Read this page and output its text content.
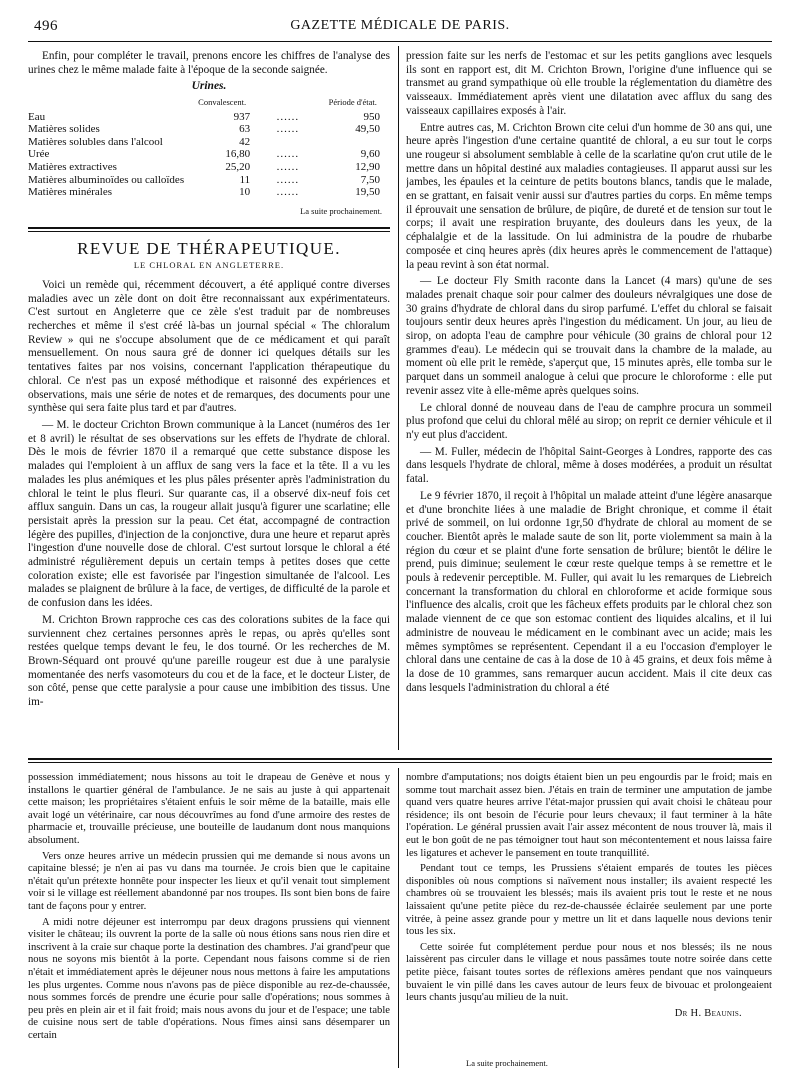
496	GAZETTE MÉDICALE DE PARIS.

Enfin, pour compléter le travail, prenons encore les chiffres de l'analyse des urines chez le même malade faite à l'époque de la seconde saignée.

Urines.
	Convalescent.		Période d'état.
Eau	937	......	950
Matières solides	63	......	49,50
Matières solubles dans l'alcool	42		
Urée	16,80	......	9,60
Matières extractives	25,20	......	12,90
Matières albuminoïdes ou calloïdes	11	......	7,50
Matières minérales	10	......	19,50
La suite prochainement.
REVUE DE THÉRAPEUTIQUE.
LE CHLORAL EN ANGLETERRE.

Voici un remède qui, récemment découvert, a été appliqué contre diverses maladies avec un zèle dont on doit être reconnaissant aux expérimentateurs. C'est surtout en Angleterre que ce zèle s'est traduit par de nombreuses recherches et même il s'est créé là-bas un journal spécial « The chloralum Review » qui ne s'occupe absolument que de ce médicament et qui paraît mensuellement. On nous saura gré de donner ici quelques détails sur les tentatives faites par nos voisins, concernant l'application thérapeutique du chloral. Ce n'est pas un exposé méthodique et raisonné des expériences et observations, mais une série de notes et de remarques, des documents pour une synthèse qui sera faite plus tard et par d'autres.

— M. le docteur Crichton Brown communique à la Lancet (numéros des 1er et 8 avril) le résultat de ses observations sur les effets de l'hydrate de chloral. Dès le mois de février 1870 il a remarqué que cette substance dispose les malades qui l'emploient à un afflux de sang vers la face et la tête. Il a vu les malades les plus anémiques et les plus pâles présenter après l'administration du chloral le teint le plus fleuri. Sur quarante cas, il a observé dix-neuf fois cet afflux sanguin. Dans un cas, la rougeur allait jusqu'à figurer une scarlatine; elle persistait après la pression sur la peau. Cet état, accompagné de contraction légère des pupilles, d'injection de la conjonctive, dura une heure et reparut après l'ingestion d'une nouvelle dose de chloral. C'est surtout lorsque le chloral a été administré régulièrement depuis un certain temps à petites doses que cette coloration existe; elle est favorisée par l'ingestion simultanée de l'alcool. Les malades se plaignent de brûlure à la face, de vertiges, de difficulté de la parole et de confusion dans les idées.

M. Crichton Brown rapproche ces cas des colorations subites de la face qui surviennent chez certaines personnes après le repas, ou après qu'elles sont restées quelque temps devant le feu, le dos tourné. Or les recherches de M. Brown-Séquard ont prouvé qu'une pareille rougeur est due à une paralysie momentanée des nerfs vasomoteurs du cou et de la face, et le docteur Lister, de son côté, pense que cette paralysie a pour cause une imbibition des tissus. Une im-

pression faite sur les nerfs de l'estomac et sur les petits ganglions avec lesquels ils sont en rapport est, dit M. Crichton Brown, l'origine d'une influence qui se transmet au grand sympathique où elle trouble la réglementation du diamètre des vaisseaux. Immédiatement après vient une dilatation avec afflux du sang des vaisseaux capillaires exposés à l'air.

Entre autres cas, M. Crichton Brown cite celui d'un homme de 30 ans qui, une heure après l'ingestion d'une certaine quantité de chloral, a eu sur tout le corps une rougeur si absolument semblable à celle de la scarlatine qu'on crut utile de le mettre dans un hôpital destiné aux maladies contagieuses. Il apparut aussi sur les jambes, les épaules et la ceinture de petits boutons blancs, tandis que le malade, en se grattant, en faisait venir aussi sur d'autres parties du corps. En même temps il éprouvait une sensation de brûlure, de piqûre, de dureté et de tension sur tout le corps; il avait une respiration bruyante, des douleurs dans les yeux, de la céphalalgie et de la lassitude. On lui administra de la poudre de rhubarbe composée et cinq heures après (dix heures après le commencement de l'attaque) la peau revint à son état normal.

— Le docteur Fly Smith raconte dans la Lancet (4 mars) qu'une de ses malades prenait chaque soir pour calmer des douleurs névralgiques une dose de 30 grains d'hydrate de chloral dans du sirop parfumé. L'effet du chloral se faisait toujours sentir deux heures après l'ingestion du médicament. Un jour, au lieu de sirop, on adopta l'eau de camphre pour véhicule (30 grains de chloral pour 12 grammes d'eau). Le médecin qui se trouvait dans la chambre de la malade, au moment où elle prit le remède, s'aperçut que, 15 minutes après, elle tomba sur le parquet dans un sommeil analogue à celui que procure le chloroforme : elle put revenir assez vite à elle-même après quelques soins.

Le chloral donné de nouveau dans de l'eau de camphre procura un sommeil plus profond que celui du chloral mêlé au sirop; on reprit ce dernier véhicule et il n'y eut plus d'accident.

— M. Fuller, médecin de l'hôpital Saint-Georges à Londres, rapporte des cas dans lesquels l'hydrate de chloral, même à doses modérées, a produit un résultat fatal.

Le 9 février 1870, il reçoit à l'hôpital un malade atteint d'une légère anasarque et d'une bronchite liées à une maladie de Bright chronique, et comme il était privé de sommeil, on lui ordonne 1gr,50 d'hydrate de chloral au moment de se coucher. Bientôt après le malade saute de son lit, porte violemment sa main à la région du cœur et se plaint d'une forte sensation de brûlure; bientôt le délire le prend, puis diminue; seulement le cœur reste quelque temps à se remettre et le pouls à redevenir perceptible. M. Fuller, qui avait lu les remarques de Liebreich concernant la transformation du chloral en chloroforme et acide formique sous l'influence des alcalis, croit que les fâcheux effets produits par le chloral chez son malade viennent de ce que son estomac contient des liquides alcalins, et il lui administre de nouveau le médicament en le combinant avec un acide; mais les mêmes symptômes se représentent. Cependant il a eu l'occasion d'employer le chloral dans une centaine de cas à la dose de 10 à 45 grains, et deux fois même à la dose de 10 grammes, sans remarquer aucun accident. Mais il cite deux cas dans lesquels l'administration du chloral a été

possession immédiatement; nous hissons au toit le drapeau de Genève et nous y installons le quartier général de l'ambulance. Je ne sais au juste à qui appartenait cette maison; les propriétaires s'étaient enfuis le soir même de la bataille, mais elle avait logé un vétérinaire, car nous découvrîmes au fond d'une armoire des restes de pharmacie et, trouvaille précieuse, une bouteille de laudanum dont nous manquions absolument.

Vers onze heures arrive un médecin prussien qui me demande si nous avons un capitaine blessé; je n'en ai pas vu dans ma tournée. Je crois bien que le capitaine n'était qu'un prétexte honnête pour inspecter les lieux et qu'il venait tout simplement voir si le village est réellement abandonné par nos troupes. Ils sont bien bons de faire tant de façons pour y entrer.

A midi notre déjeuner est interrompu par deux dragons prussiens qui viennent visiter le château; ils ouvrent la porte de la salle où nous étions sans nous rien dire et inscrivent à la craie sur chaque porte la destination des chambres. J'ai grand'peur que nous ne soyons mis bientôt à la porte. Cependant nous faisons comme si de rien n'était et immédiatement après le déjeuner nous nous mettons à faire les amputations les plus urgentes. Comme nous n'avons pas de pièce disponible au rez-de-chaussée, nous sommes forcés de prendre une écurie pour salle d'opérations; nous sommes à peu près en plein air et il fait froid; mais nous avons du jour et de l'espace; une table de cuisine nous sert de table d'opérations. Nous fîmes ainsi sans désemparer un certain

nombre d'amputations; nos doigts étaient bien un peu engourdis par le froid; mais en somme tout marchait assez bien. J'étais en train de terminer une amputation de jambe quand vers quatre heures arrive l'état-major prussien qui avait choisi le château pour résidence; ils ont besoin de l'écurie pour leurs chevaux; il faut terminer à la hâte l'opération. Le général prussien avait l'air assez mécontent de nous trouver là, mais il eut le bon goût de ne pas témoigner tout haut son mécontentement et nous laissa faire les ligatures et achever le pansement en toute tranquillité.

Pendant tout ce temps, les Prussiens s'étaient emparés de toutes les pièces disponibles où nous comptions si naïvement nous installer; ils avaient respecté les chambres où se trouvaient les blessés; mais ils avaient pris tout le reste et ne nous laissaient qu'une petite pièce du rez-de-chaussée éclairée seulement par une porte vitrée, à peine assez grande pour y mettre un lit et dans laquelle nous devions tenir tous les six.

Cette soirée fut complétement perdue pour nous et nos blessés; ils ne nous laissèrent pas circuler dans le village et nous passâmes toute notre soirée dans cette petite pièce, faisant toutes sortes de réflexions amères pendant que nos vainqueurs buvaient le vin pillé dans les caves autour de leurs feux de bivouac et prolongeaient leurs chants jusqu'au milieu de la nuit.

Dr H. Beaunis.
La suite prochainement.
